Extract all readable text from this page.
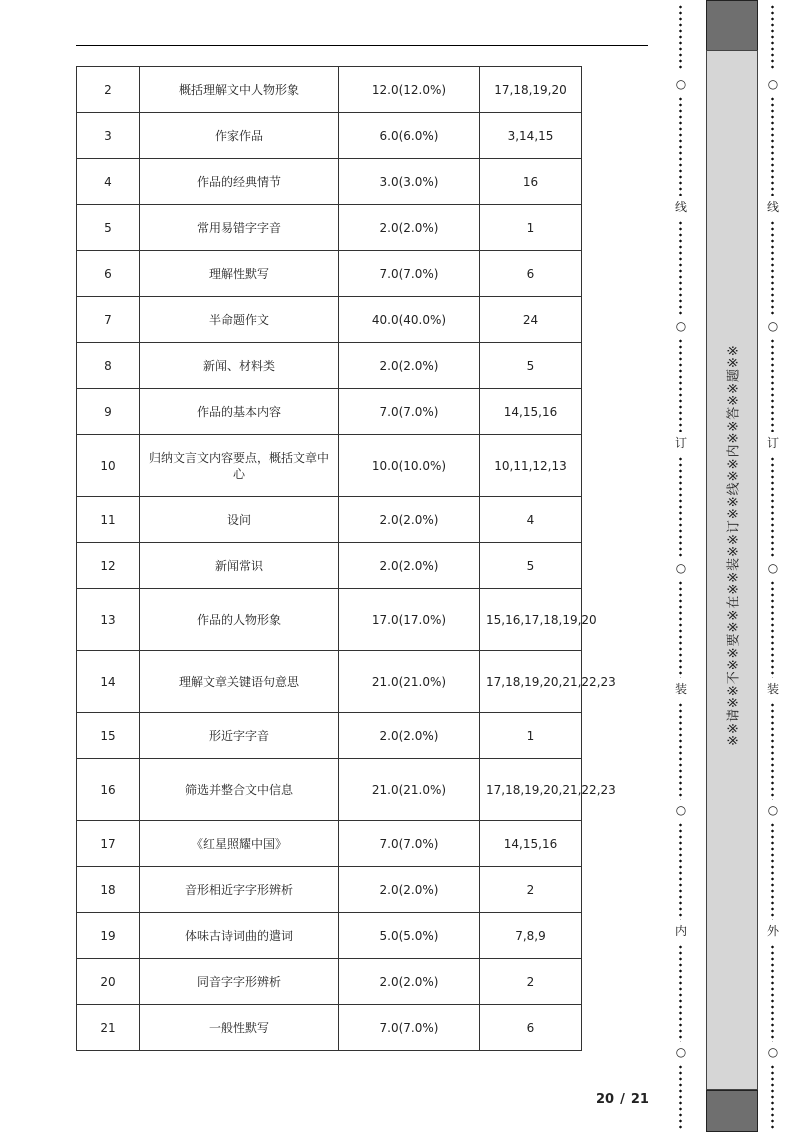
2	概括理解文中人物形象	12.0(12.0%)	17,18,19,20
3	作家作品	6.0(6.0%)	3,14,15
4	作品的经典情节	3.0(3.0%)	16
5	常用易错字字音	2.0(2.0%)	1
6	理解性默写	7.0(7.0%)	6
7	半命题作文	40.0(40.0%)	24
8	新闻、材料类	2.0(2.0%)	5
9	作品的基本内容	7.0(7.0%)	14,15,16
10	归纳文言文内容要点，概括文章中心	10.0(10.0%)	10,11,12,13
11	设问	2.0(2.0%)	4
12	新闻常识	2.0(2.0%)	5
13	作品的人物形象	17.0(17.0%)	15,16,17,18,19,20
14	理解文章关键语句意思	21.0(21.0%)	17,18,19,20,21,22,23
15	形近字字音	2.0(2.0%)	1
16	筛选并整合文中信息	21.0(21.0%)	17,18,19,20,21,22,23
17	《红星照耀中国》	7.0(7.0%)	14,15,16
18	音形相近字字形辨析	2.0(2.0%)	2
19	体味古诗词曲的遣词	5.0(5.0%)	7,8,9
20	同音字字形辨析	2.0(2.0%)	2
21	一般性默写	7.0(7.0%)	6
20 / 21
○
线
○
订
○
装
○
内
○
※※请※※不※※要※※在※※装※※订※※线※※内※※答※※题※※
○
线
○
订
○
装
○
外
○
